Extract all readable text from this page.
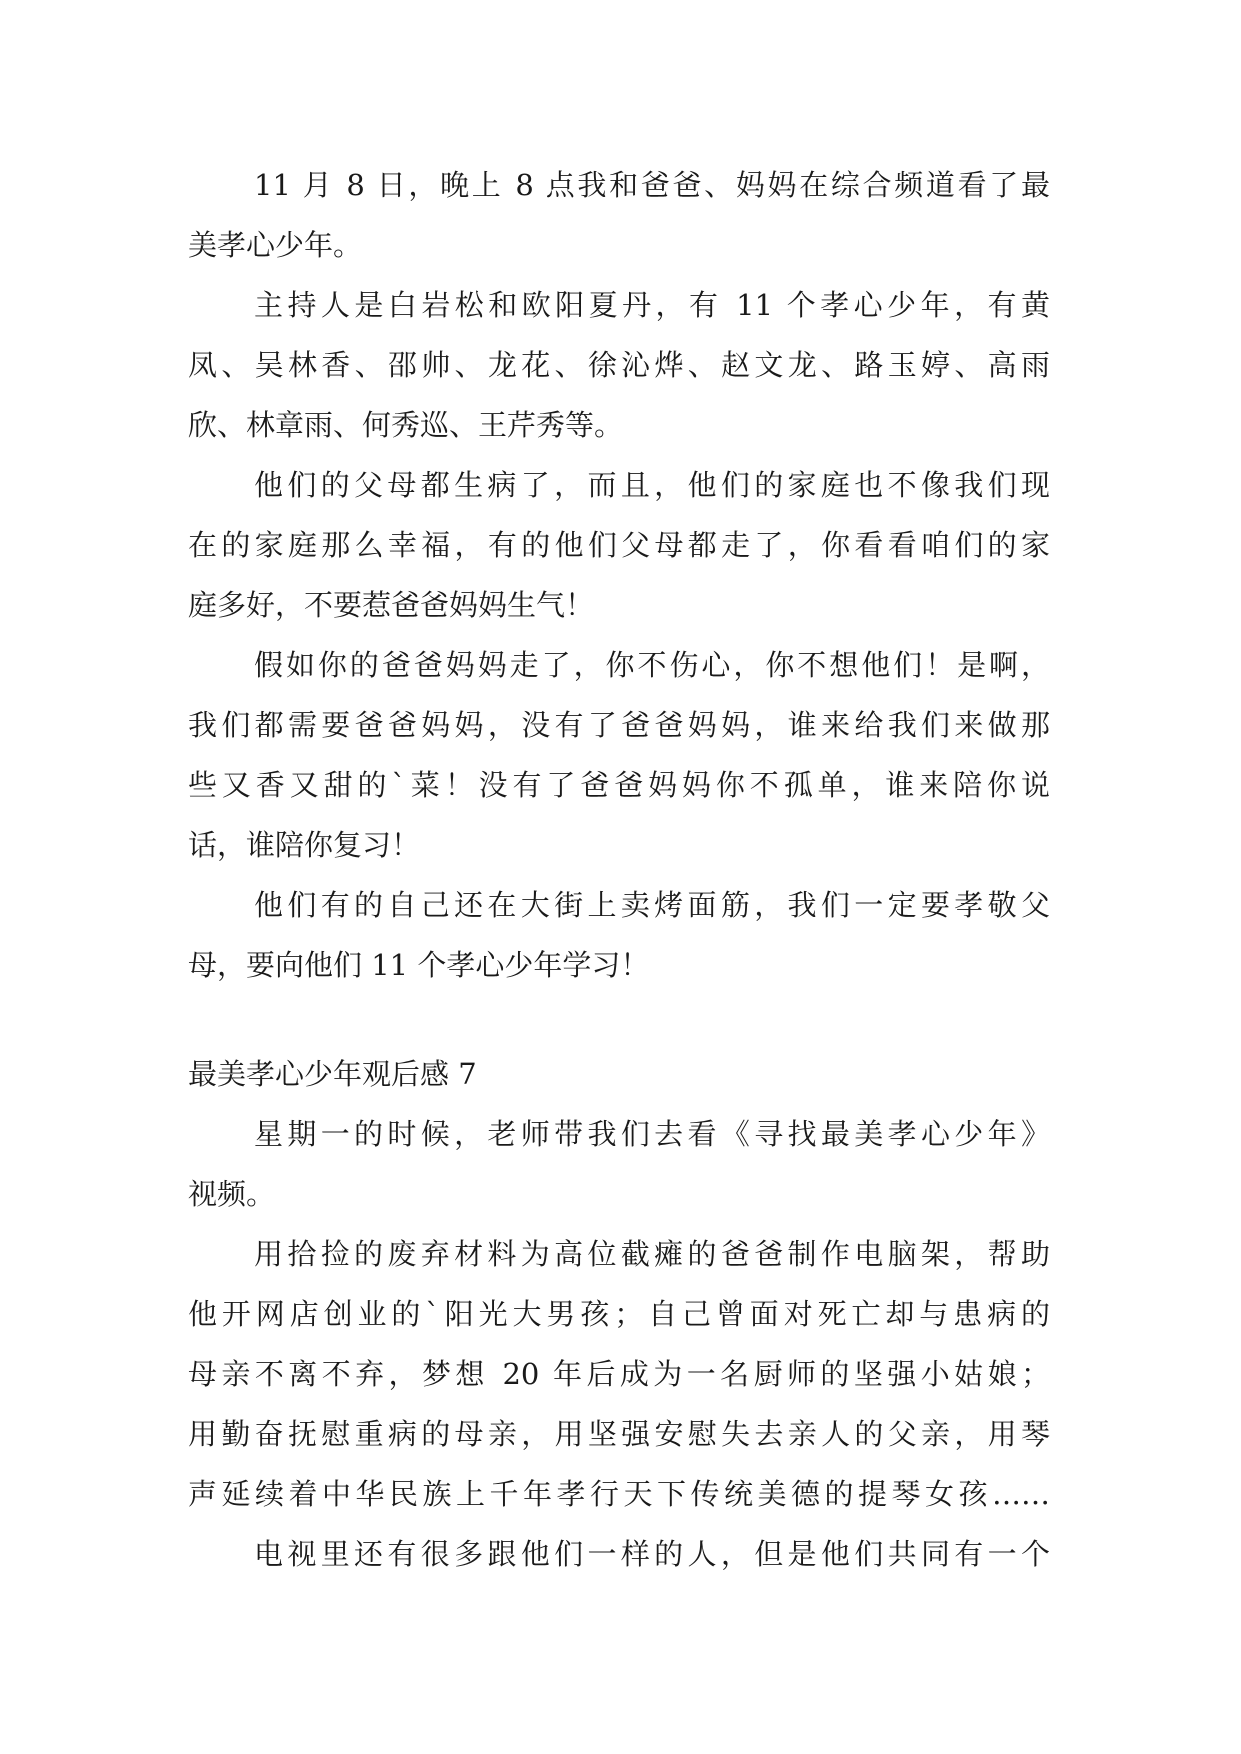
11 月 8 日，晚上 8 点我和爸爸、妈妈在综合频道看了最
美孝心少年。
主持人是白岩松和欧阳夏丹，有 11 个孝心少年，有黄
凤、吴林香、邵帅、龙花、徐沁烨、赵文龙、路玉婷、高雨
欣、林章雨、何秀巡、王芹秀等。
他们的父母都生病了，而且，他们的家庭也不像我们现
在的家庭那么幸福，有的他们父母都走了，你看看咱们的家
庭多好，不要惹爸爸妈妈生气！
假如你的爸爸妈妈走了，你不伤心，你不想他们！是啊，
我们都需要爸爸妈妈，没有了爸爸妈妈，谁来给我们来做那
些又香又甜的`菜！没有了爸爸妈妈你不孤单，谁来陪你说
话，谁陪你复习！
他们有的自己还在大街上卖烤面筋，我们一定要孝敬父
母，要向他们 11 个孝心少年学习！
最美孝心少年观后感 7
星期一的时候，老师带我们去看《寻找最美孝心少年》
视频。
用拾捡的废弃材料为高位截瘫的爸爸制作电脑架，帮助
他开网店创业的`阳光大男孩；自己曾面对死亡却与患病的
母亲不离不弃，梦想 20 年后成为一名厨师的坚强小姑娘；
用勤奋抚慰重病的母亲，用坚强安慰失去亲人的父亲，用琴
声延续着中华民族上千年孝行天下传统美德的提琴女孩……
电视里还有很多跟他们一样的人，但是他们共同有一个
